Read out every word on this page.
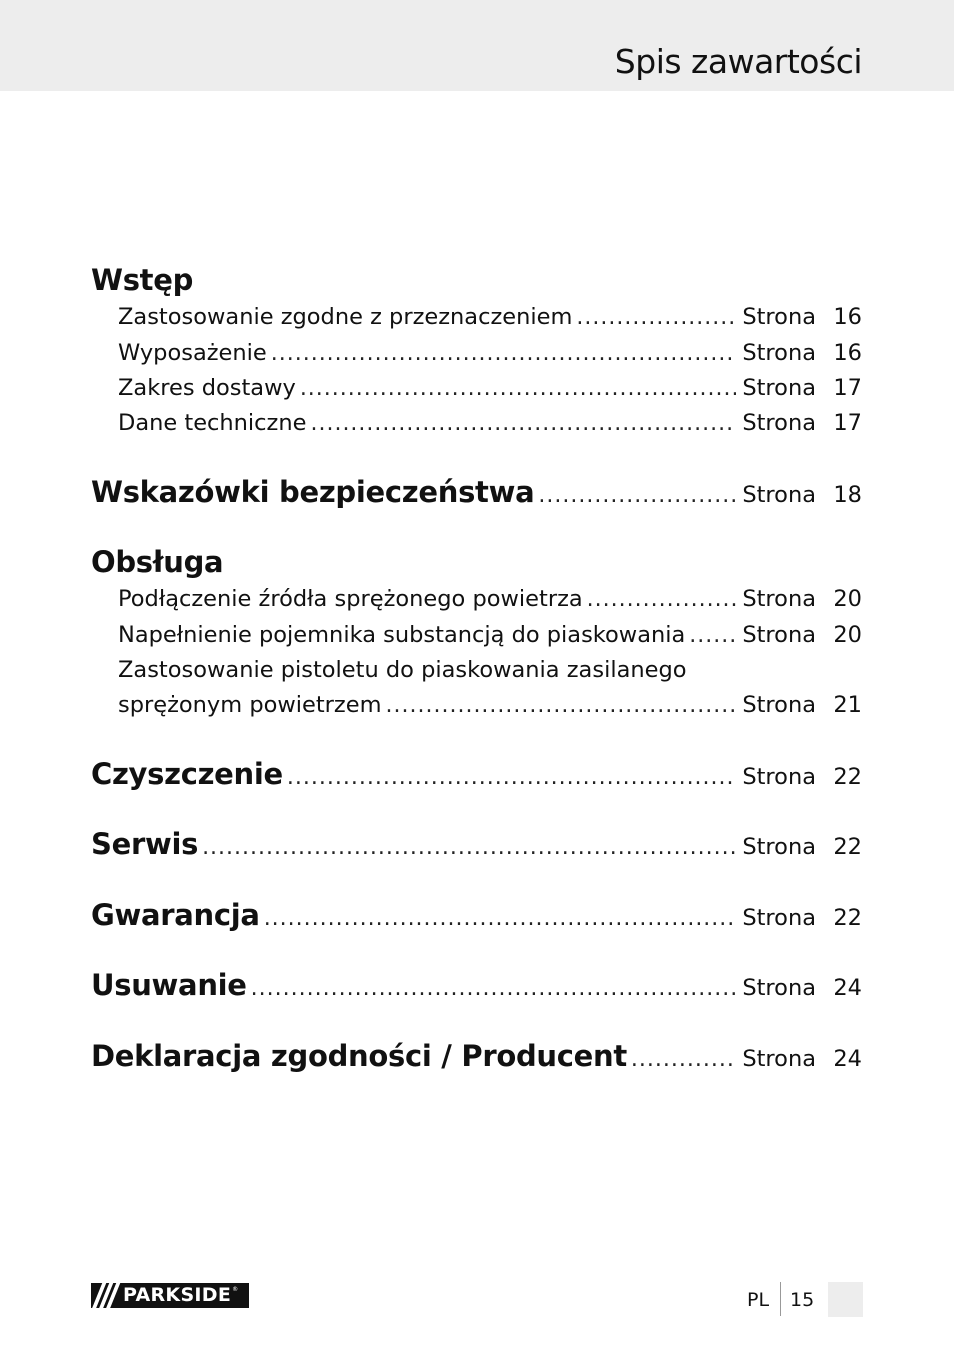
Spis zawartości
Wstęp
Zastosowanie zgodne z przeznaczeniem .....	Strona 16
Wyposażenie .....	Strona 16
Zakres dostawy .....	Strona 17
Dane techniczne .....	Strona 17
Wskazówki bezpieczeństwa .....	Strona 18
Obsługa
Podłączenie źródła sprężonego powietrza .....	Strona 20
Napełnienie pojemnika substancją do piaskowania .....	Strona 20
Zastosowanie pistoletu do piaskowania zasilanego
sprężonym powietrzem .....	Strona 21
Czyszczenie .....	Strona 22
Serwis .....	Strona 22
Gwarancja .....	Strona 22
Usuwanie .....	Strona 24
Deklaracja zgodności / Producent .....	Strona 24
PARKSIDE ®	PL 15
